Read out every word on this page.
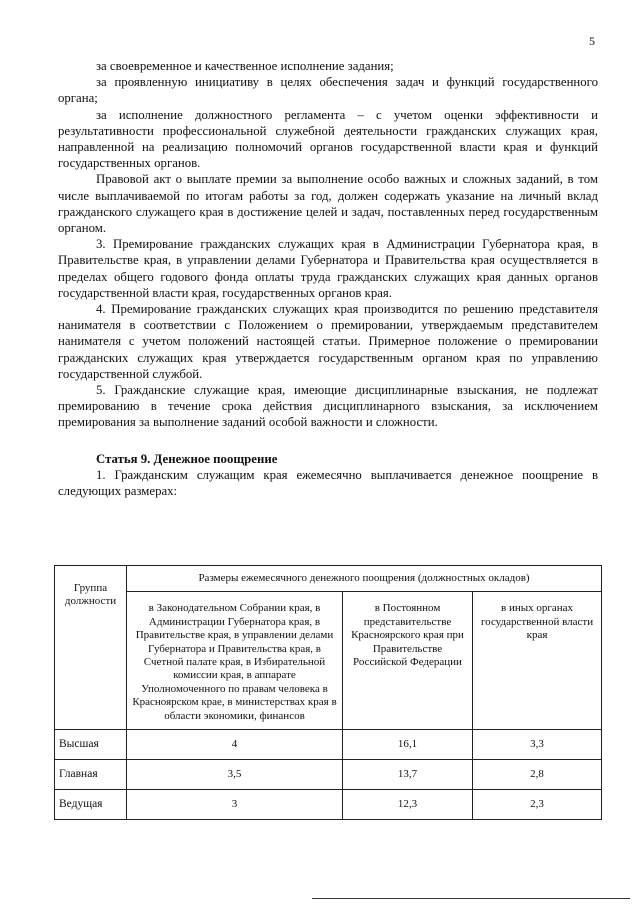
5

за своевременное и качественное исполнение задания;

за проявленную инициативу в целях обеспечения задач и функций государственного органа;

за исполнение должностного регламента – с учетом оценки эффективности и результативности профессиональной служебной деятельности гражданских служащих края, направленной на реализацию полномочий органов государственной власти края и функций государственных органов.

Правовой акт о выплате премии за выполнение особо важных и сложных заданий, в том числе выплачиваемой по итогам работы за год, должен содержать указание на личный вклад гражданского служащего края в достижение целей и задач, поставленных перед государственным органом.

3. Премирование гражданских служащих края в Администрации Губернатора края, в Правительстве края, в управлении делами Губернатора и Правительства края осуществляется в пределах общего годового фонда оплаты труда гражданских служащих края данных органов государственной власти края, государственных органов края.

4. Премирование гражданских служащих края производится по решению представителя нанимателя в соответствии с Положением о премировании, утверждаемым представителем нанимателя с учетом положений настоящей статьи. Примерное положение о премировании гражданских служащих края утверждается государственным органом края по управлению государственной службой.

5. Гражданские служащие края, имеющие дисциплинарные взыскания, не подлежат премированию в течение срока действия дисциплинарного взыскания, за исключением премирования за выполнение заданий особой важности и сложности.

Статья 9. Денежное поощрение

1. Гражданским служащим края ежемесячно выплачивается денежное поощрение в следующих размерах:

Группа должности	Размеры ежемесячного денежного поощрения (должностных окладов)		
	в Законодательном Собрании края, в Администрации Губернатора края, в Правительстве края, в управлении делами Губернатора и Правительства края, в Счетной палате края, в Избирательной комиссии края, в аппарате Уполномоченного по правам человека в Красноярском крае, в министерствах края в области экономики, финансов	в Постоянном представительстве Красноярского края при Правительстве Российской Федерации	в иных органах государственной власти края
Высшая	4	16,1	3,3
Главная	3,5	13,7	2,8
Ведущая	3	12,3	2,3
